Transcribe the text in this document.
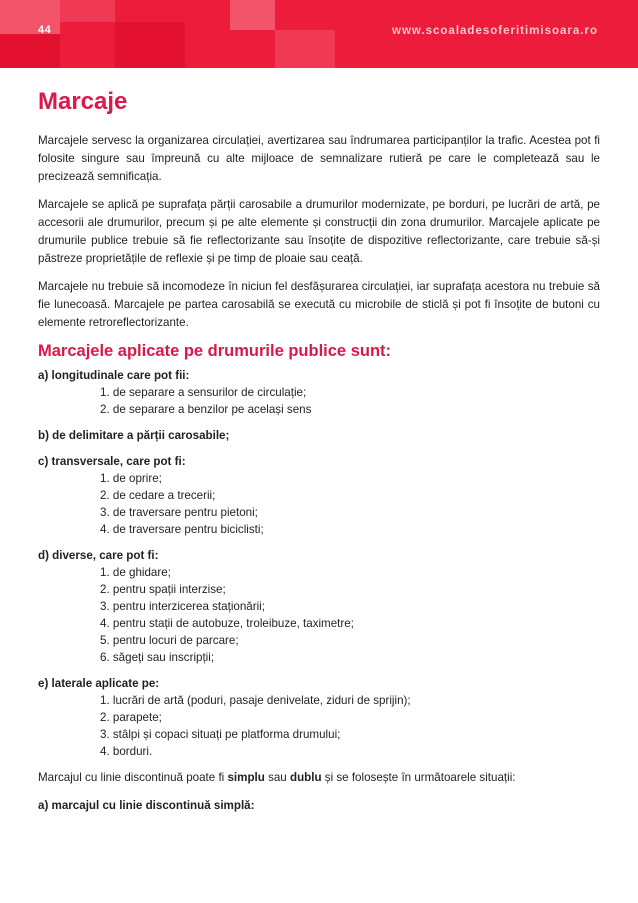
44	www.scoaladesoferitimisoara.ro
Marcaje

Marcajele servesc la organizarea circulației, avertizarea sau îndrumarea participanților la trafic. Acestea pot fi folosite singure sau împreună cu alte mijloace de semnalizare rutieră pe care le completează sau le precizează semnificația.

Marcajele se aplică pe suprafața părții carosabile a drumurilor modernizate, pe borduri, pe lucrări de artă, pe accesorii ale drumurilor, precum și pe alte elemente și construcții din zona drumurilor. Marcajele aplicate pe drumurile publice trebuie să fie reflectorizante sau însoțite de dispozitive reflectorizante, care trebuie să-și păstreze proprietățile de reflexie și pe timp de ploaie sau ceață.

Marcajele nu trebuie să incomodeze în niciun fel desfășurarea circulației, iar suprafața acestora nu trebuie să fie lunecoasă. Marcajele pe partea carosabilă se execută cu microbile de sticlă și pot fi însoțite de butoni cu elemente retroreflectorizante.

Marcajele aplicate pe drumurile publice sunt:
a) longitudinale care pot fii:
1. de separare a sensurilor de circulație;
2. de separare a benzilor pe același sens
b) de delimitare a părții carosabile;
c) transversale, care pot fi:
1. de oprire;
2. de cedare a trecerii;
3. de traversare pentru pietoni;
4. de traversare pentru biciclisti;
d) diverse, care pot fi:
1. de ghidare;
2. pentru spații interzise;
3. pentru interzicerea staționării;
4. pentru stații de autobuze, troleibuze, taximetre;
5. pentru locuri de parcare;
6. săgeți sau inscripții;
e) laterale aplicate pe:
1. lucrări de artă (poduri, pasaje denivelate, ziduri de sprijin);
2. parapete;
3. stâlpi și copaci situați pe platforma drumului;
4. borduri.
Marcajul cu linie discontinuă poate fi simplu sau dublu și se folosește în următoarele situații:
a) marcajul cu linie discontinuă simplă:
